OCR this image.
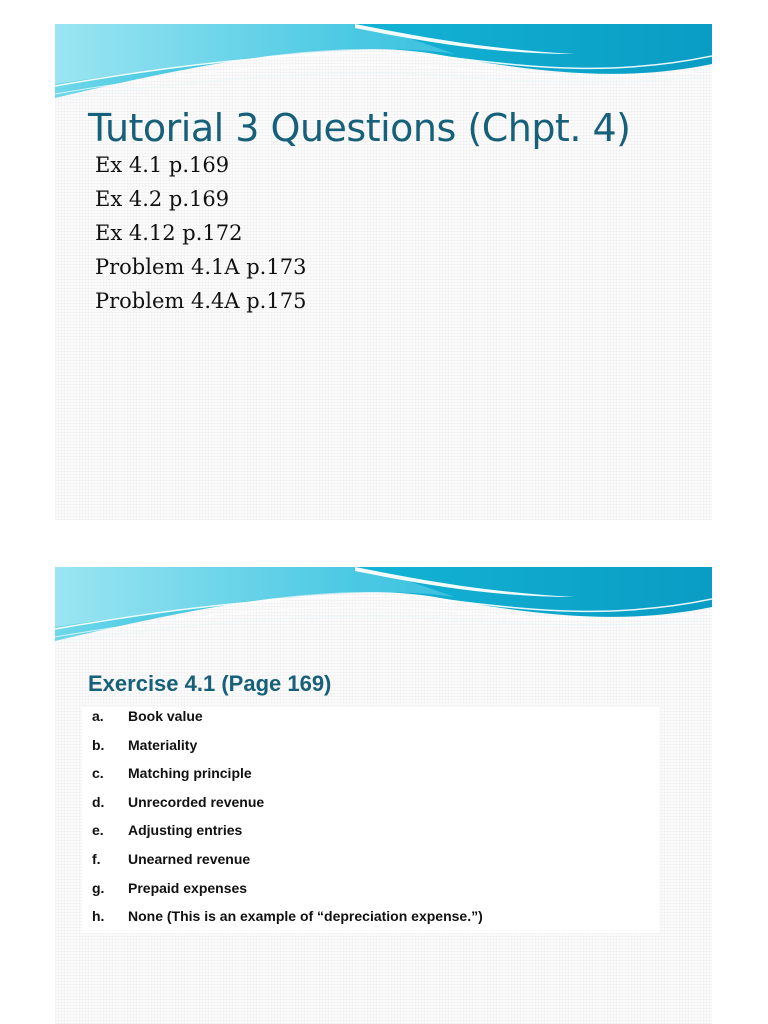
Tutorial 3 Questions (Chpt. 4)
Ex 4.1 p.169
Ex 4.2 p.169
Ex 4.12 p.172
Problem 4.1A p.173
Problem 4.4A p.175
Exercise 4.1 (Page 169)
a. Book value
b. Materiality
c. Matching principle
d. Unrecorded revenue
e. Adjusting entries
f. Unearned revenue
g. Prepaid expenses
h. None (This is an example of “depreciation expense.”)
